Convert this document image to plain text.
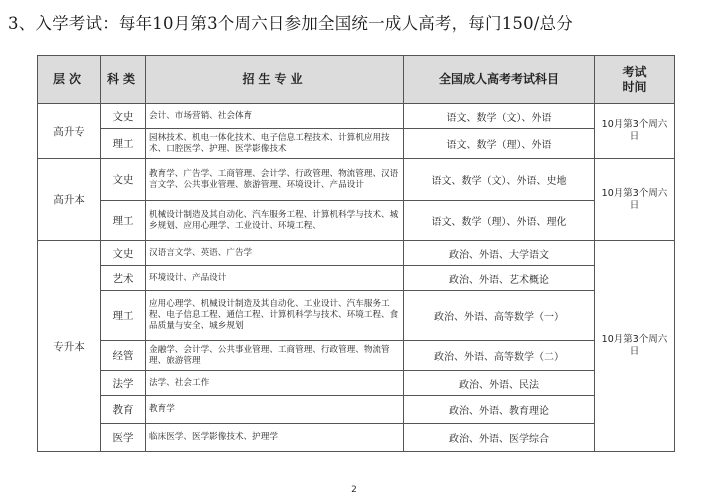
3、入学考试：每年10月第3个周六日参加全国统一成人高考，每门150/总分
层次	科类	招生专业	全国成人高考考试科目	考试
时间

高升专	文史	会计、市场营销、社会体育	语文、数学（文）、外语	10月第3个周六日
	理工	园林技术、机电一体化技术、电子信息工程技术、计算机应用技术、口腔医学、护理、医学影像技术	语文、数学（理）、外语	
高升本	文史	教育学、广告学、工商管理、会计学、行政管理、物流管理、汉语言文学、公共事业管理、旅游管理、环境设计、产品设计	语文、数学（文）、外语、史地	10月第3个周六日
	理工	机械设计制造及其自动化、汽车服务工程、计算机科学与技术、城乡规划、应用心理学、工业设计、环境工程、	语文、数学（理）、外语、理化	
专升本	文史	汉语言文学、英语、广告学	政治、外语、大学语文	10月第3个周六日
	艺术	环境设计、产品设计	政治、外语、艺术概论	
	理工	应用心理学、机械设计制造及其自动化、工业设计、汽车服务工程、电子信息工程、通信工程、计算机科学与技术、环境工程、食品质量与安全、城乡规划	政治、外语、高等数学（一）	
	经管	金融学、会计学、公共事业管理、工商管理、行政管理、物流管理、旅游管理	政治、外语、高等数学（二）	
	法学	法学、社会工作	政治、外语、民法	
	教育	教育学	政治、外语、教育理论	
	医学	临床医学、医学影像技术、护理学	政治、外语、医学综合	
2
